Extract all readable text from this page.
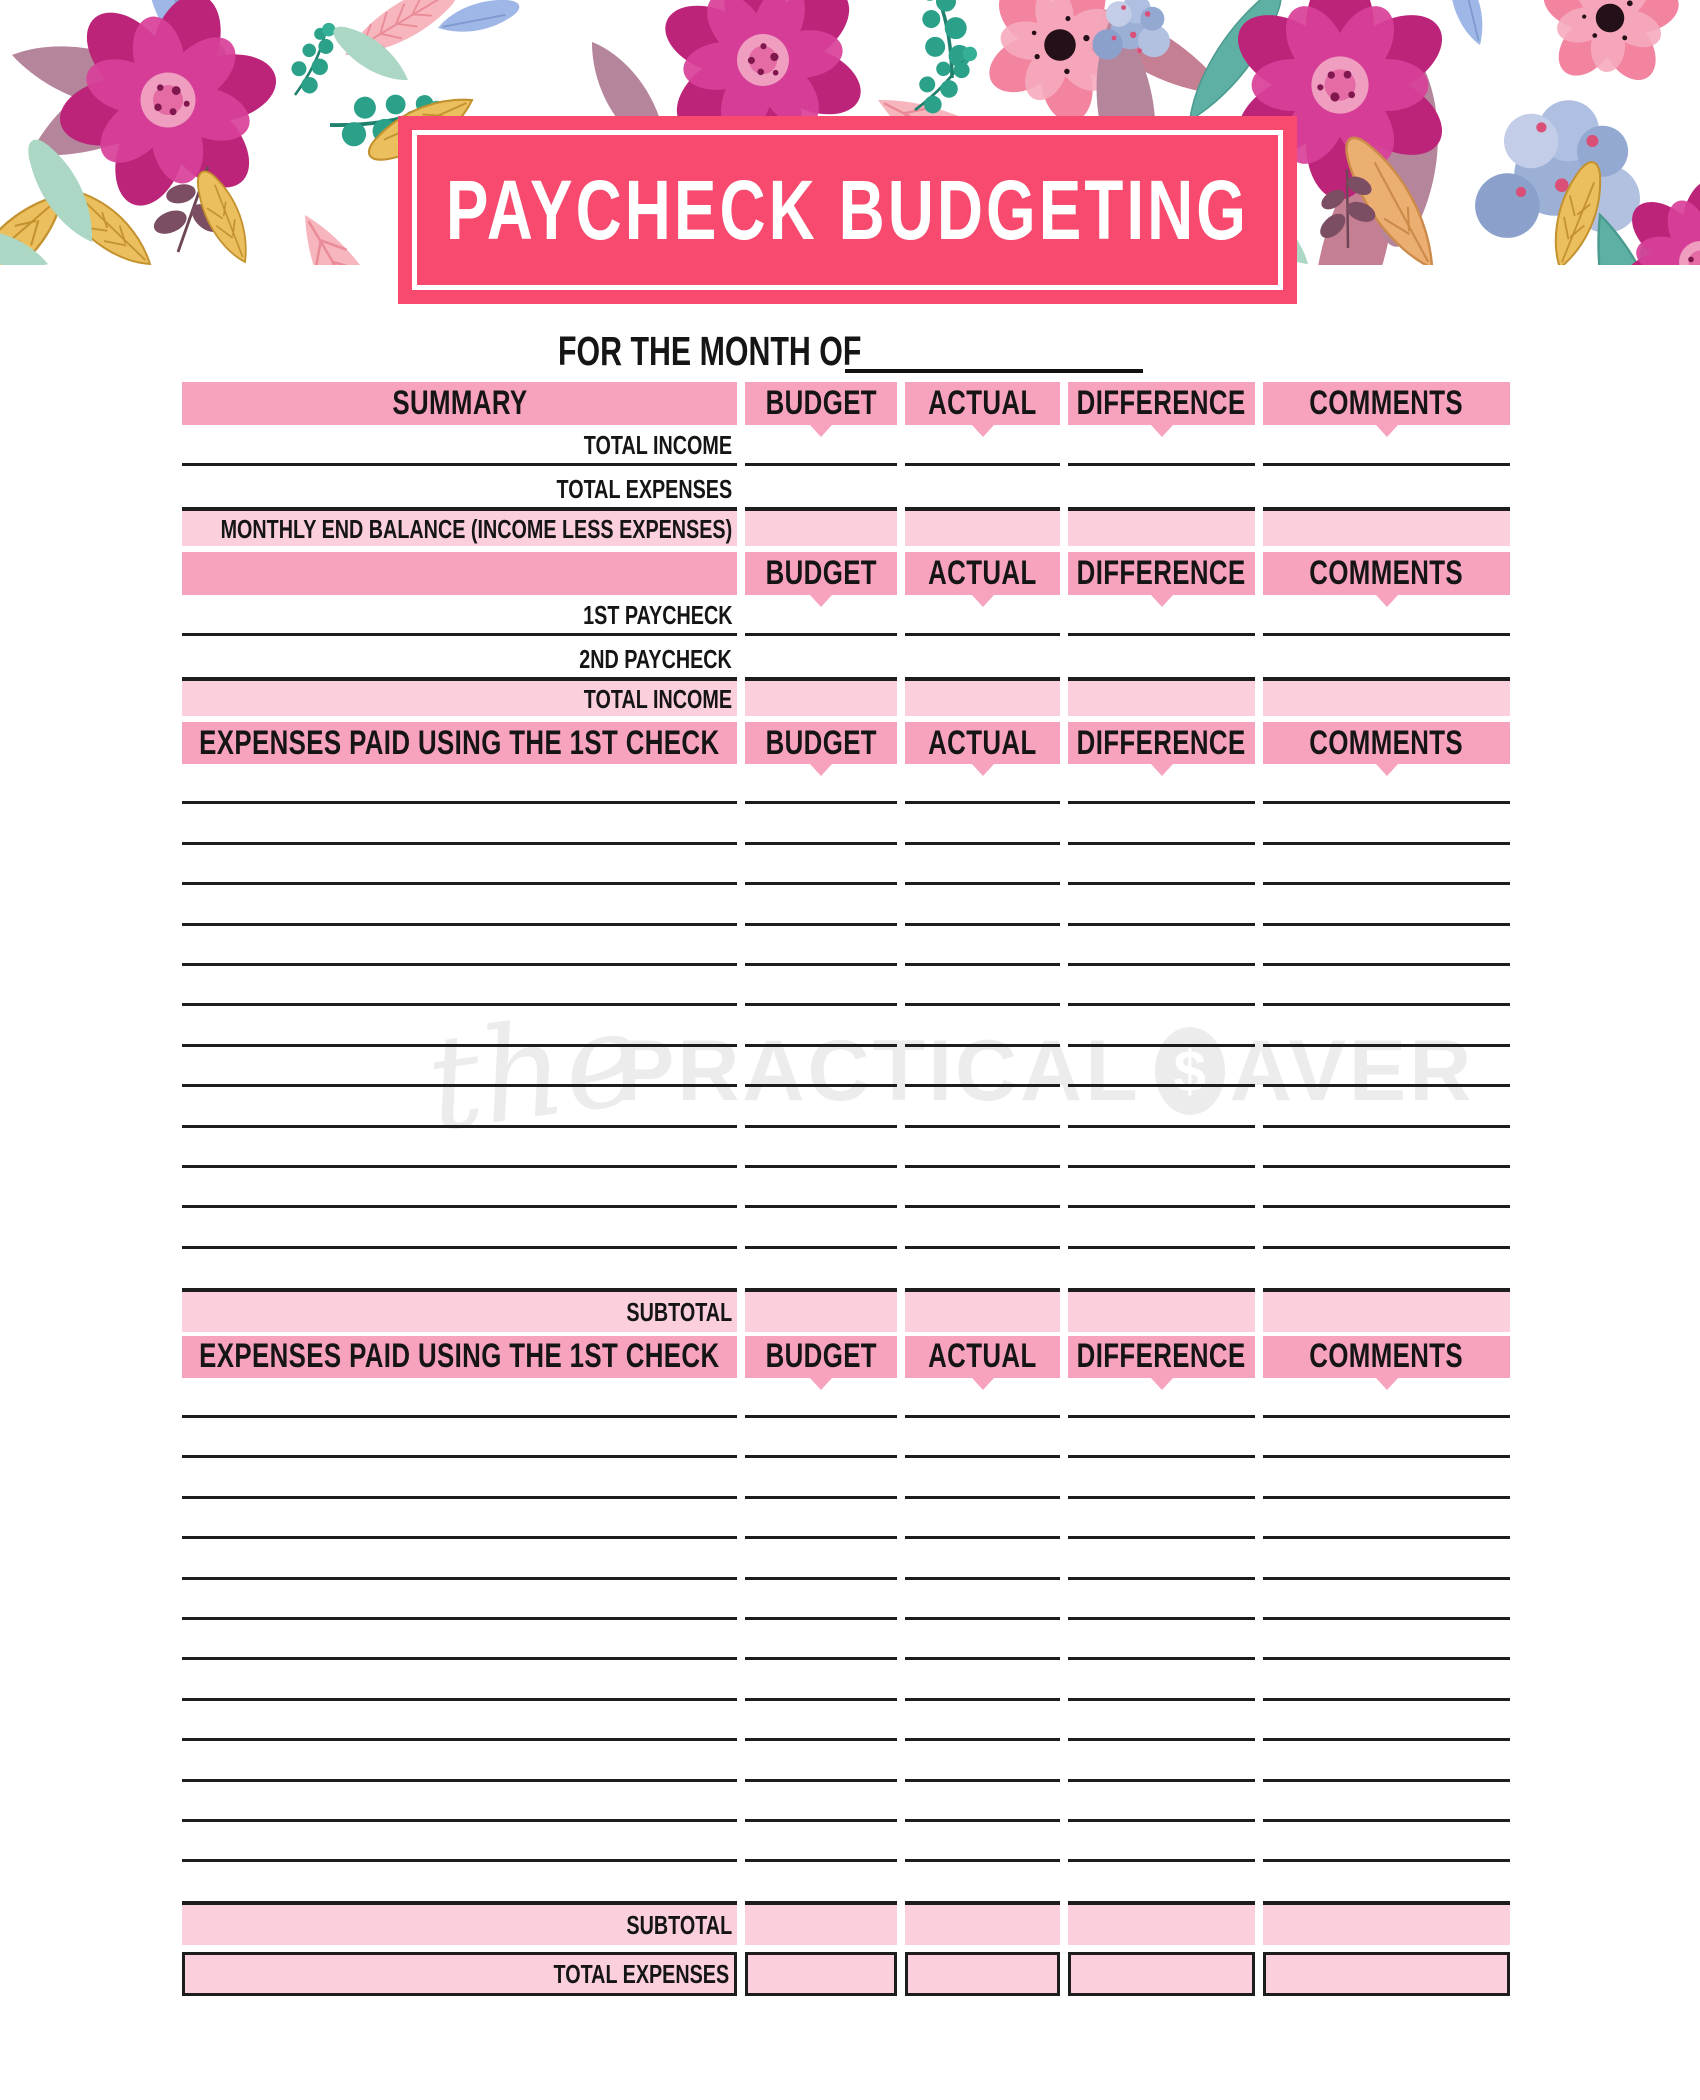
PAYCHECK BUDGETING
FOR THE MONTH OF
the
PRACTICAL $ AVER
SUMMARY	BUDGET ACTUAL DIFFERENCE COMMENTS
TOTAL INCOME
TOTAL EXPENSES
MONTHLY END BALANCE (INCOME LESS EXPENSES)
BUDGET ACTUAL DIFFERENCE COMMENTS
1ST PAYCHECK
2ND PAYCHECK
TOTAL INCOME
EXPENSES PAID USING THE 1ST CHECK BUDGET ACTUAL DIFFERENCE COMMENTS
SUBTOTAL
EXPENSES PAID USING THE 1ST CHECK BUDGET ACTUAL DIFFERENCE COMMENTS
SUBTOTAL
TOTAL EXPENSES
